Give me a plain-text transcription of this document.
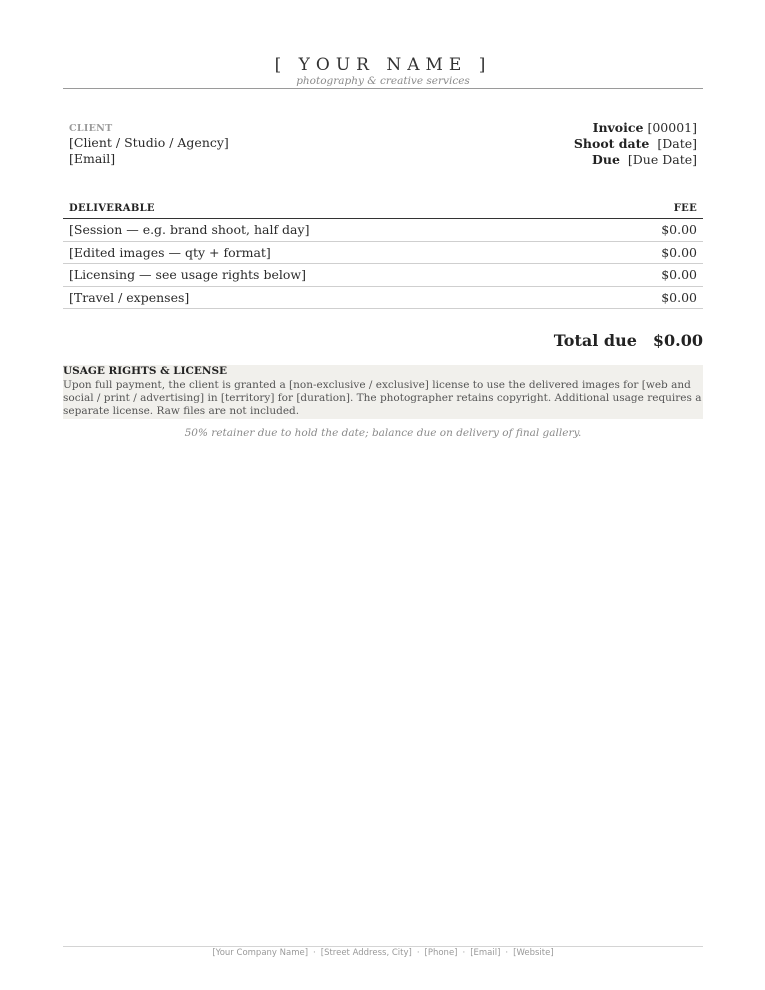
[ YOUR NAME ]
photography & creative services
CLIENT
[Client / Studio / Agency]
[Email]
Invoice [00001]
Shoot date [Date]
Due [Due Date]
DELIVERABLE	FEE
[Session — e.g. brand shoot, half day]	$0.00
[Edited images — qty + format]	$0.00
[Licensing — see usage rights below]	$0.00
[Travel / expenses]	$0.00
Total due $0.00
USAGE RIGHTS & LICENSE
Upon full payment, the client is granted a [non-exclusive / exclusive] license to use the delivered images for [web and social / print / advertising] in [territory] for [duration]. The photographer retains copyright. Additional usage requires a separate license. Raw files are not included.
50% retainer due to hold the date; balance due on delivery of final gallery.
[Your Company Name] · [Street Address, City] · [Phone] · [Email] · [Website]
